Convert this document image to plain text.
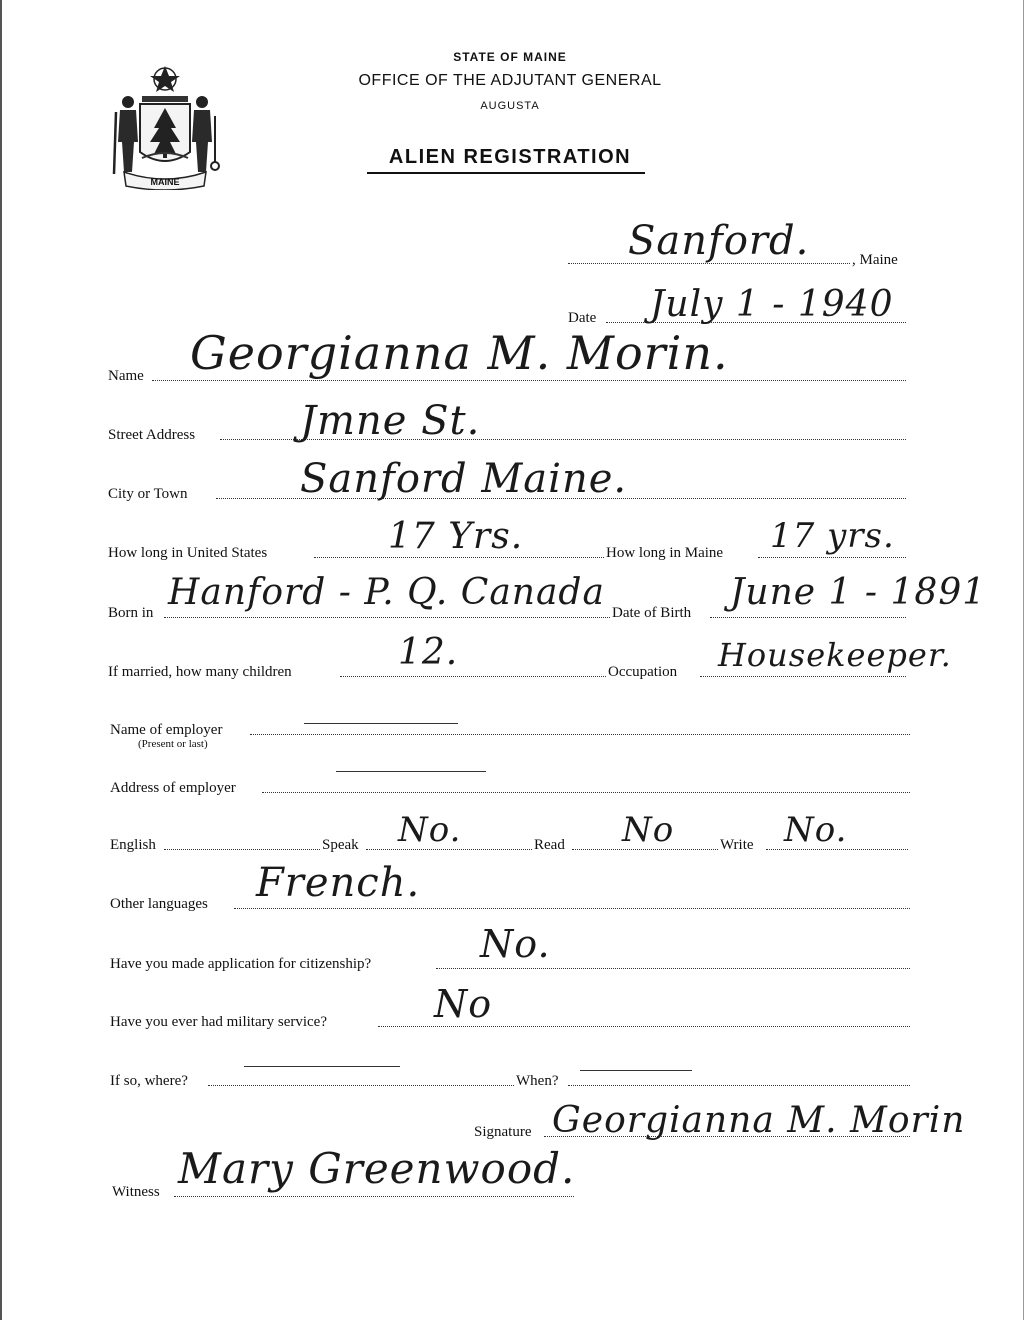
MAINE
STATE OF MAINE
OFFICE OF THE ADJUTANT GENERAL
AUGUSTA
ALIEN REGISTRATION
Sanford.	, Maine
Date July 1 - 1940
Name Georgianna M. Morin.
Street Address	Jmne St.
City or Town	Sanford Maine.
How long in United States	17 Yrs.	How long in Maine 17 yrs.
Born in Hanford - P. Q. Canada Date of Birth June 1 - 1891
If married, how many children	12.	Occupation Housekeeper.
Name of employer
(Present or last)
Address of employer
English	Speak No.	Read No	Write No.
Other languages French.
Have you made application for citizenship?	No.
Have you ever had military service?	No
If so, where?	When?
Signature Georgianna M. Morin
Witness Mary Greenwood.
